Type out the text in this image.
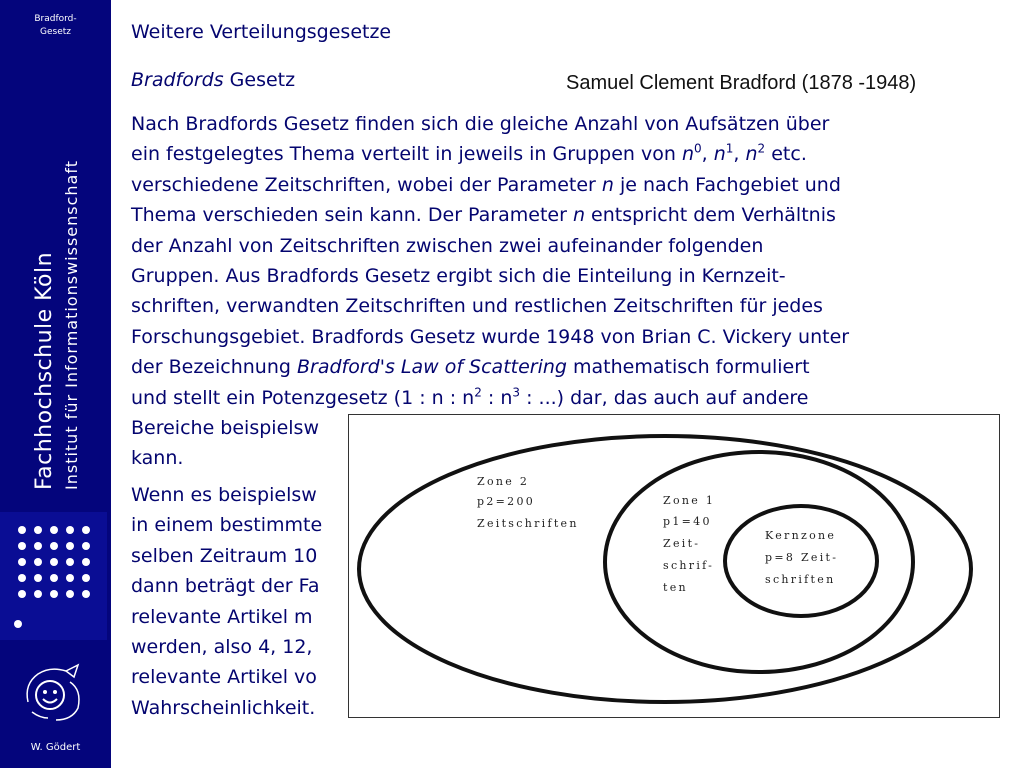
Bradford-
Gesetz
Fachhochschule Köln Institut für Informationswissenschaft
W. Gödert
Weitere Verteilungsgesetze
Bradfords Gesetz	Samuel Clement Bradford (1878 -1948)

Nach Bradfords Gesetz finden sich die gleiche Anzahl von Aufsätzen über
ein festgelegtes Thema verteilt in jeweils in Gruppen von $n^0$, $n^1$, $n^2$ etc.
verschiedene Zeitschriften, wobei der Parameter n je nach Fachgebiet und
Thema verschieden sein kann. Der Parameter n entspricht dem Verhältnis
der Anzahl von Zeitschriften zwischen zwei aufeinander folgenden
Gruppen. Aus Bradfords Gesetz ergibt sich die Einteilung in Kernzeit-
schriften, verwandten Zeitschriften und restlichen Zeitschriften für jedes
Forschungsgebiet. Bradfords Gesetz wurde 1948 von Brian C. Vickery unter
der Bezeichnung Bradford's Law of Scattering mathematisch formuliert
und stellt ein Potenzgesetz (1 : n : $n^2$ : $n^3$ : ...) dar, das auch auf andere
Bereiche beispielsw
kann.

Wenn es beispielsw
in einem bestimmte
selben Zeitraum 10
dann beträgt der Fa
relevante Artikel m
werden, also 4, 12,
relevante Artikel vo
Wahrscheinlichkeit.

Zone 2
p2=200
Zeitschriften
Zone 1
p1=40
Zeit-
schrif-
ten
Kernzone
p=8 Zeit-
schriften
